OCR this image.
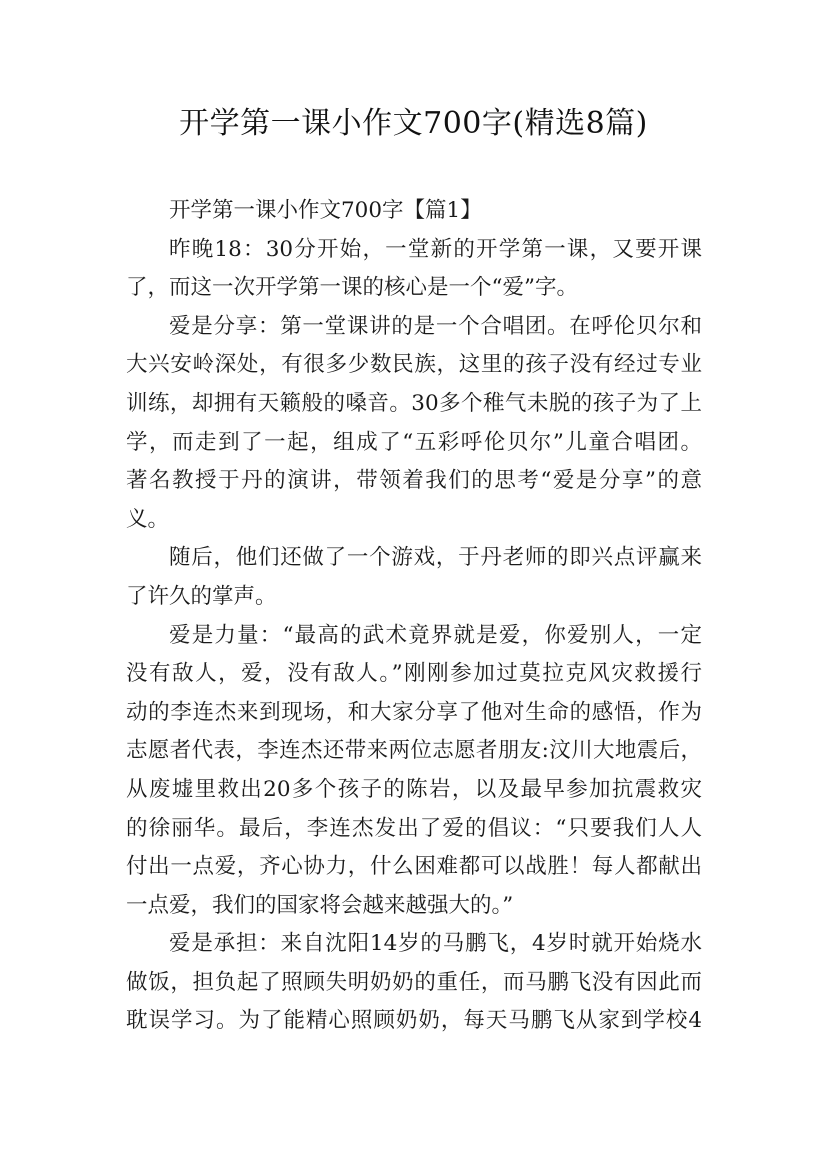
开学第一课小作文700字(精选8篇)
开学第一课小作文700字【篇1】
昨晚18：30分开始，一堂新的开学第一课，又要开课
了，而这一次开学第一课的核心是一个“爱”字。
爱是分享：第一堂课讲的是一个合唱团。在呼伦贝尔和
大兴安岭深处，有很多少数民族，这里的孩子没有经过专业
训练，却拥有天籁般的嗓音。30多个稚气未脱的孩子为了上
学，而走到了一起，组成了“五彩呼伦贝尔”儿童合唱团。
著名教授于丹的演讲，带领着我们的思考“爱是分享”的意
义。
随后，他们还做了一个游戏，于丹老师的即兴点评赢来
了许久的掌声。
爱是力量：“最高的武术竟界就是爱，你爱别人，一定
没有敌人，爱，没有敌人。”刚刚参加过莫拉克风灾救援行
动的李连杰来到现场，和大家分享了他对生命的感悟，作为
志愿者代表，李连杰还带来两位志愿者朋友:汶川大地震后，
从废墟里救出20多个孩子的陈岩，以及最早参加抗震救灾
的徐丽华。最后，李连杰发出了爱的倡议：“只要我们人人
付出一点爱，齐心协力，什么困难都可以战胜！每人都献出
一点爱，我们的国家将会越来越强大的。”
爱是承担：来自沈阳14岁的马鹏飞，4岁时就开始烧水
做饭，担负起了照顾失明奶奶的重任，而马鹏飞没有因此而
耽误学习。为了能精心照顾奶奶，每天马鹏飞从家到学校4
